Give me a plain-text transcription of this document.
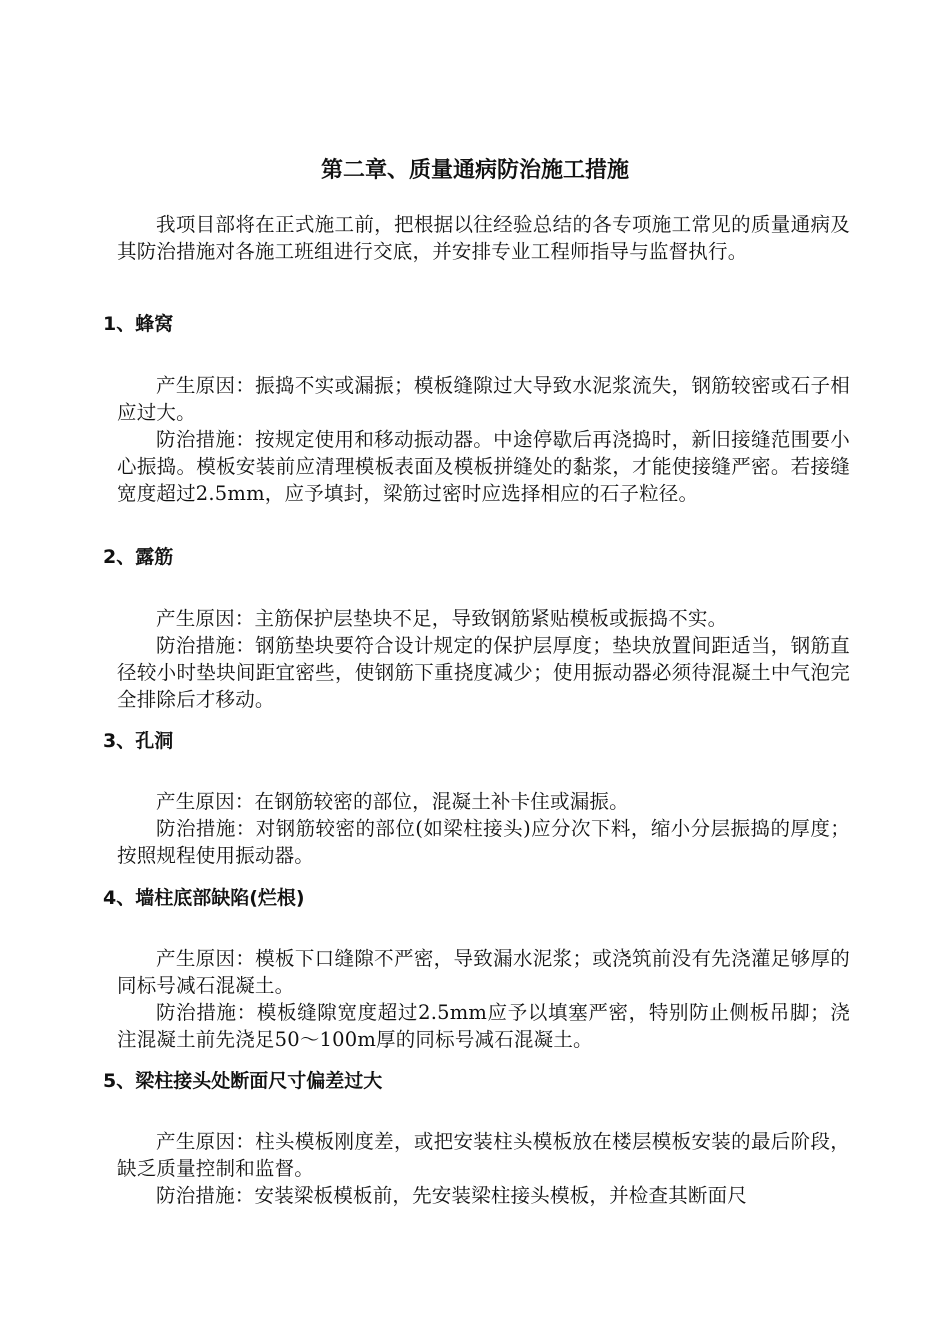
第二章、质量通病防治施工措施

我项目部将在正式施工前，把根据以往经验总结的各专项施工常见的质量通病及其防治措施对各施工班组进行交底，并安排专业工程师指导与监督执行。

1、蜂窝

产生原因：振捣不实或漏振；模板缝隙过大导致水泥浆流失，钢筋较密或石子相应过大。

防治措施：按规定使用和移动振动器。中途停歇后再浇捣时，新旧接缝范围要小心振捣。模板安装前应清理模板表面及模板拼缝处的黏浆，才能使接缝严密。若接缝宽度超过2.5mm，应予填封，梁筋过密时应选择相应的石子粒径。

2、露筋

产生原因：主筋保护层垫块不足，导致钢筋紧贴模板或振捣不实。

防治措施：钢筋垫块要符合设计规定的保护层厚度；垫块放置间距适当，钢筋直径较小时垫块间距宜密些，使钢筋下重挠度减少；使用振动器必须待混凝土中气泡完全排除后才移动。

3、孔洞

产生原因：在钢筋较密的部位，混凝土补卡住或漏振。

防治措施：对钢筋较密的部位(如梁柱接头)应分次下料，缩小分层振捣的厚度；按照规程使用振动器。

4、墙柱底部缺陷(烂根)

产生原因：模板下口缝隙不严密，导致漏水泥浆；或浇筑前没有先浇灌足够厚的同标号减石混凝土。

防治措施：模板缝隙宽度超过2.5mm应予以填塞严密，特别防止侧板吊脚；浇注混凝土前先浇足50～100m厚的同标号减石混凝土。

5、梁柱接头处断面尺寸偏差过大

产生原因：柱头模板刚度差，或把安装柱头模板放在楼层模板安装的最后阶段，缺乏质量控制和监督。

防治措施：安装梁板模板前，先安装梁柱接头模板，并检查其断面尺
